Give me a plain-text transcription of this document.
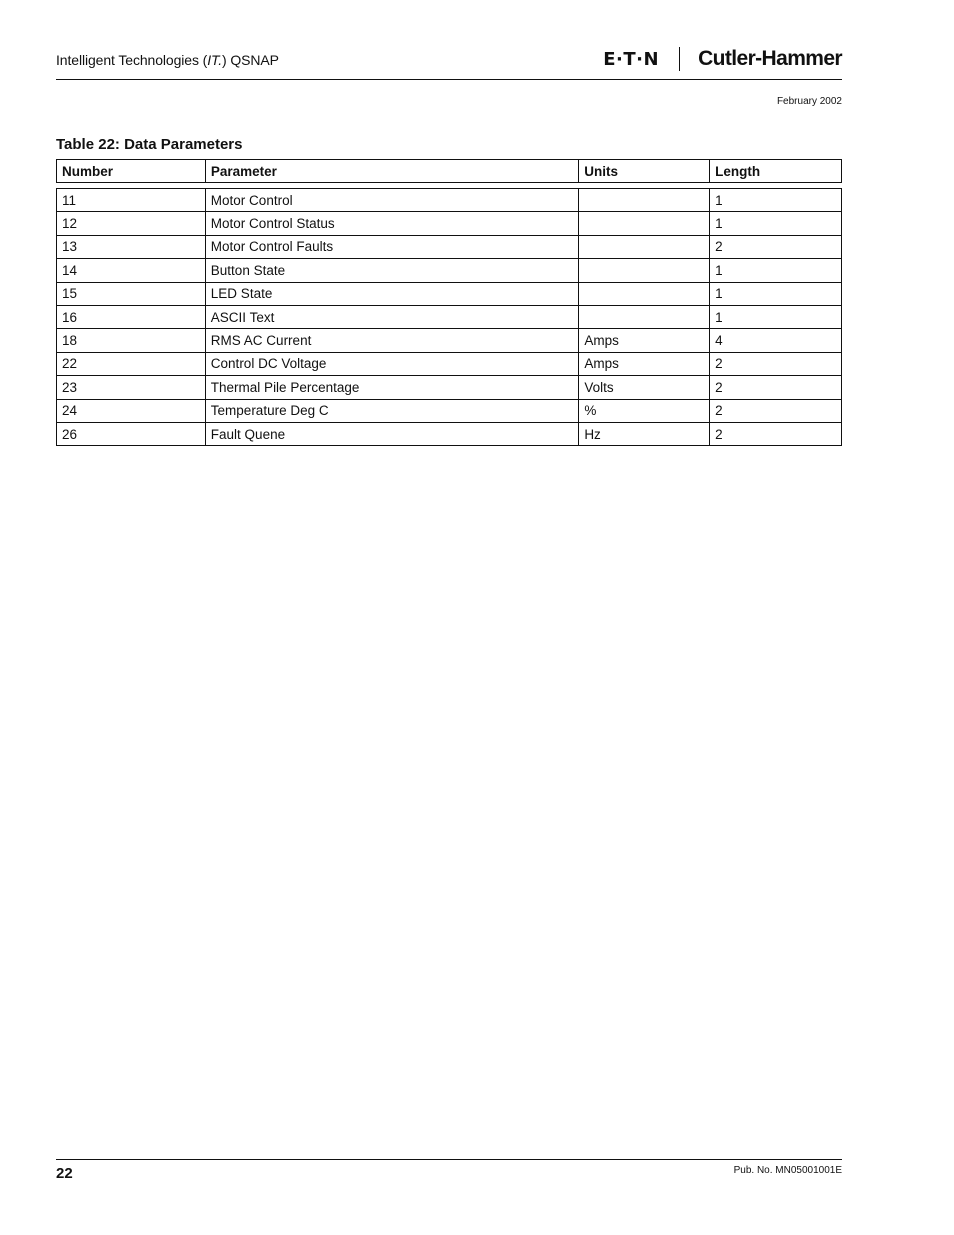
Intelligent Technologies (IT.) QSNAP	E·T·N Cutler-Hammer
February 2002
Table 22: Data Parameters
Number	Parameter	Units	Length
11	Motor Control		1
12	Motor Control Status		1
13	Motor Control Faults		2
14	Button State		1
15	LED State		1
16	ASCII Text		1
18	RMS AC Current	Amps	4
22	Control DC Voltage	Amps	2
23	Thermal Pile Percentage	Volts	2
24	Temperature Deg C	%	2
26	Fault Quene	Hz	2
22	Pub. No. MN05001001E
